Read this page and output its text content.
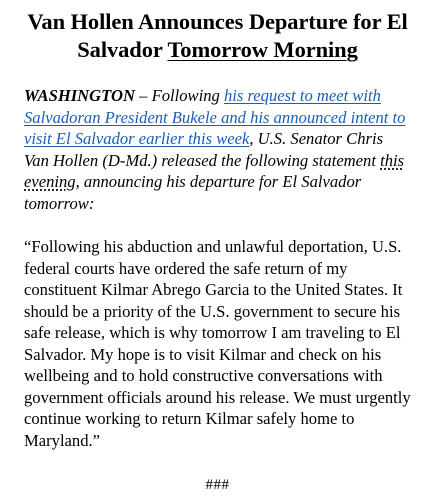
Van Hollen Announces Departure for El Salvador Tomorrow Morning

WASHINGTON – Following his request to meet with Salvadoran President Bukele and his announced intent to visit El Salvador earlier this week, U.S. Senator Chris Van Hollen (D-Md.) released the following statement this evening, announcing his departure for El Salvador tomorrow:

“Following his abduction and unlawful deportation, U.S. federal courts have ordered the safe return of my constituent Kilmar Abrego Garcia to the United States. It should be a priority of the U.S. government to secure his safe release, which is why tomorrow I am traveling to El Salvador. My hope is to visit Kilmar and check on his wellbeing and to hold constructive conversations with government officials around his release. We must urgently continue working to return Kilmar safely home to Maryland.”

###
